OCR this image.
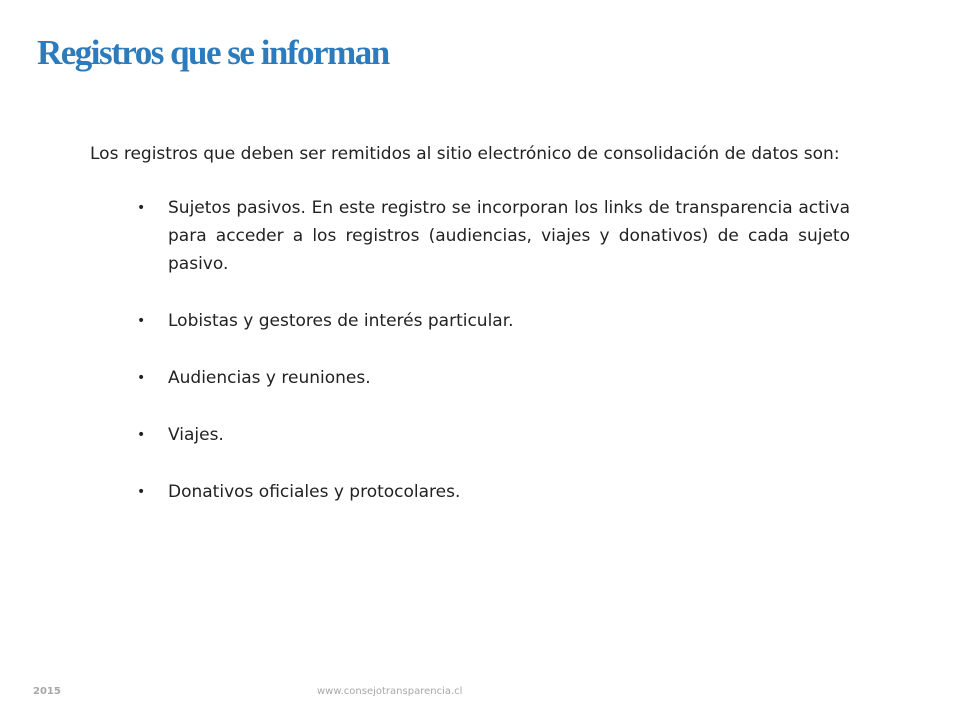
Registros que se informan

Los registros que deben ser remitidos al sitio electrónico de consolidación de datos son:

• Sujetos pasivos. En este registro se incorporan los links de transparencia activa para acceder a los registros (audiencias, viajes y donativos) de cada sujeto pasivo.
• Lobistas y gestores de interés particular.
• Audiencias y reuniones.
• Viajes.
• Donativos oficiales y protocolares.
2015	www.consejotransparencia.cl
